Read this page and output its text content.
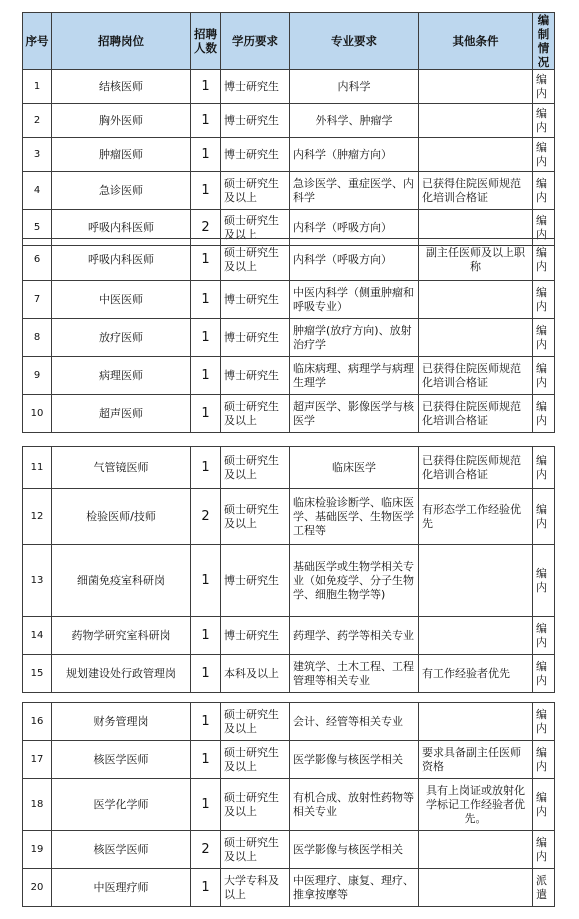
序号	招聘岗位	招聘人数	学历要求	专业要求	其他条件	编制情况
1	结核医师	1	博士研究生	内科学		编内
2	胸外医师	1	博士研究生	外科学、肿瘤学		编内
3	肿瘤医师	1	博士研究生	内科学（肿瘤方向）		编内
4	急诊医师	1	硕士研究生及以上	急诊医学、重症医学、内科学	已获得住院医师规范化培训合格证	编内
5	呼吸内科医师	2	硕士研究生及以上	内科学（呼吸方向）		编内
6	呼吸内科医师	1	硕士研究生及以上	内科学（呼吸方向）	副主任医师及以上职称	编内
7	中医医师	1	博士研究生	中医内科学（侧重肿瘤和呼吸专业）		编内
8	放疗医师	1	博士研究生	肿瘤学(放疗方向)、放射治疗学		编内
9	病理医师	1	博士研究生	临床病理、病理学与病理生理学	已获得住院医师规范化培训合格证	编内
10	超声医师	1	硕士研究生及以上	超声医学、影像医学与核医学	已获得住院医师规范化培训合格证	编内
11	气管镜医师	1	硕士研究生及以上	临床医学	已获得住院医师规范化培训合格证	编内
12	检验医师/技师	2	硕士研究生及以上	临床检验诊断学、临床医学、基础医学、生物医学工程等	有形态学工作经验优先	编内
13	细菌免疫室科研岗	1	博士研究生	基础医学或生物学相关专业（如免疫学、分子生物学、细胞生物学等)		编内
14	药物学研究室科研岗	1	博士研究生	药理学、药学等相关专业		编内
15	规划建设处行政管理岗	1	本科及以上	建筑学、土木工程、工程管理等相关专业	有工作经验者优先	编内
16	财务管理岗	1	硕士研究生及以上	会计、经管等相关专业		编内
17	核医学医师	1	硕士研究生及以上	医学影像与核医学相关	要求具备副主任医师资格	编内
18	医学化学师	1	硕士研究生及以上	有机合成、放射性药物等相关专业	具有上岗证或放射化学标记工作经验者优先。	编内
19	核医学医师	2	硕士研究生及以上	医学影像与核医学相关		编内
20	中医理疗师	1	大学专科及以上	中医理疗、康复、理疗、推拿按摩等		派遣
